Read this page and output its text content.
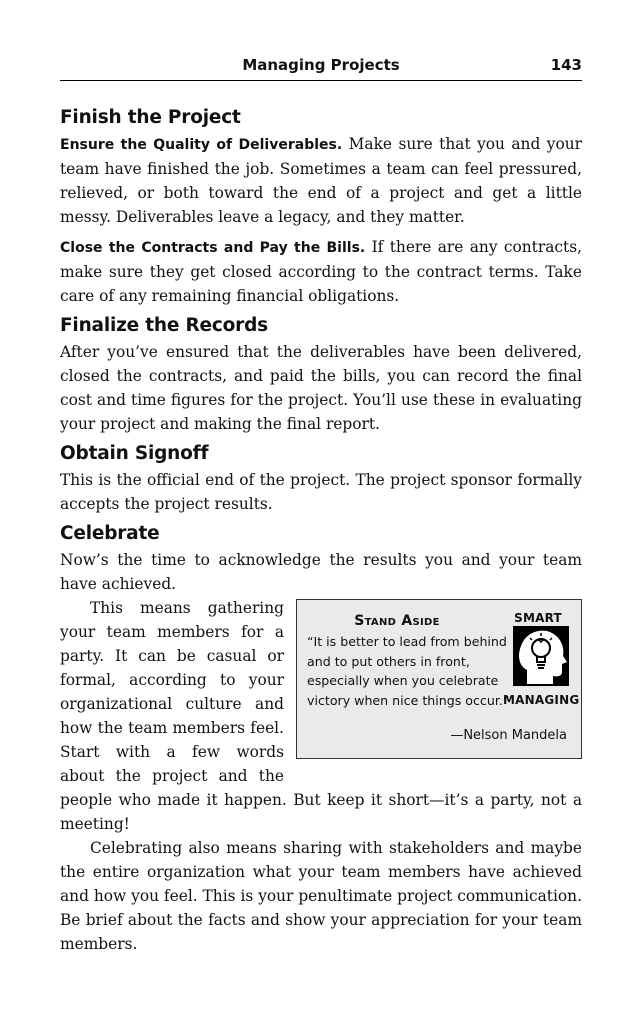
Managing Projects	143
Finish the Project

Ensure the Quality of Deliverables. Make sure that you and your team have finished the job. Sometimes a team can feel pressured, relieved, or both toward the end of a project and get a little messy. Deliverables leave a legacy, and they matter.

Close the Contracts and Pay the Bills. If there are any contracts, make sure they get closed according to the contract terms. Take care of any remaining financial obligations.

Finalize the Records

After you’ve ensured that the deliverables have been delivered, closed the contracts, and paid the bills, you can record the final cost and time figures for the project. You’ll use these in evaluating your project and making the final report.

Obtain Signoff

This is the official end of the project. The project sponsor formally accepts the project results.

Celebrate

Now’s the time to acknowledge the results you and your team have achieved.

Stand Aside
“It is better to lead from behind and to put others in front, especially when you celebrate victory when nice things occur.”
—Nelson Mandela
SMART
MANAGING

This means gathering your team members for a party. It can be casual or formal, according to your organizational culture and how the team members feel. Start with a few words about the project and the people who made it happen. But keep it short—it’s a party, not a meeting!

Celebrating also means sharing with stakeholders and maybe the entire organization what your team members have achieved and how you feel. This is your penultimate project communication. Be brief about the facts and show your appreciation for your team members.
